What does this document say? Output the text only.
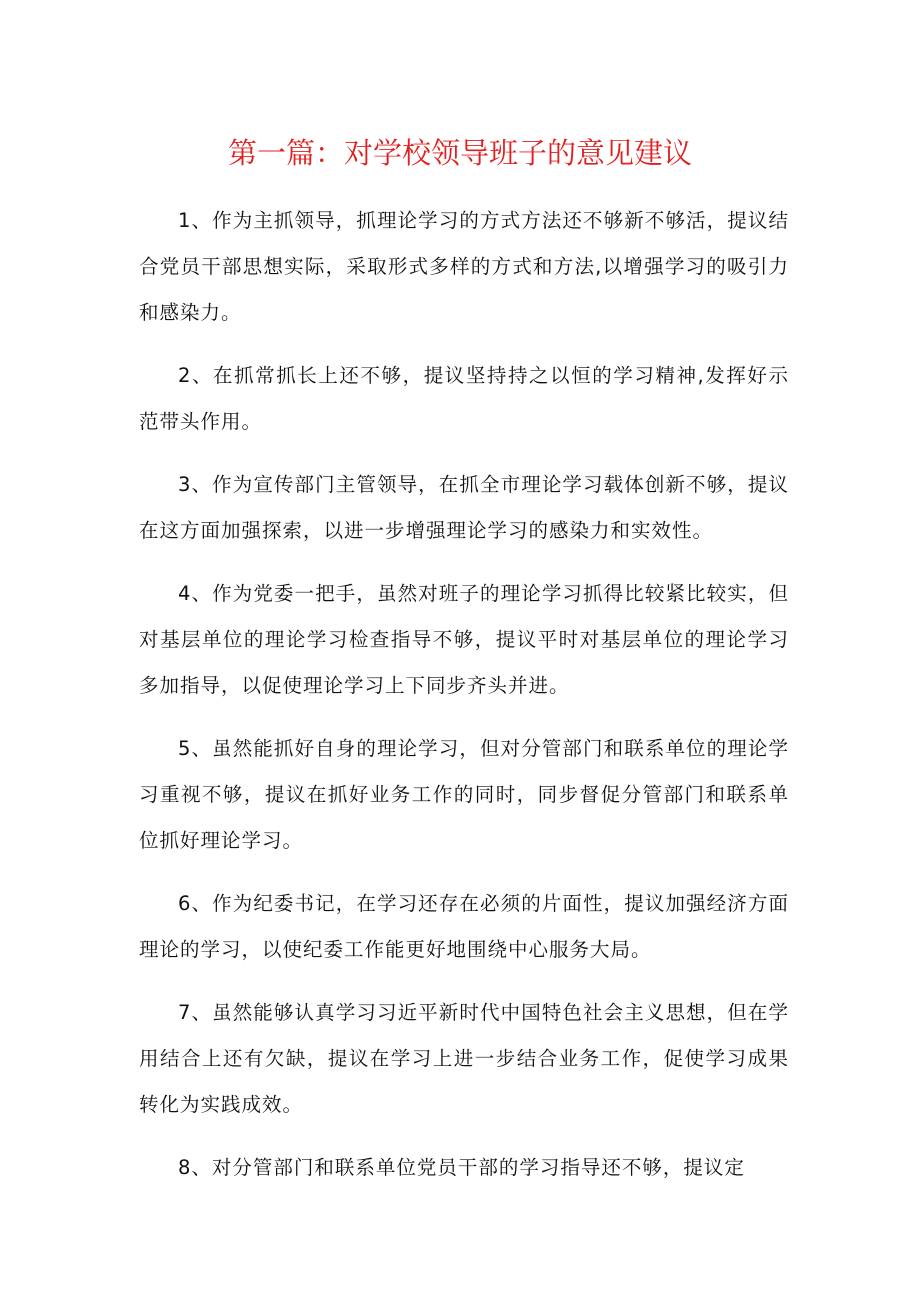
第一篇：对学校领导班子的意见建议

1、作为主抓领导，抓理论学习的方式方法还不够新不够活，提议结合党员干部思想实际，采取形式多样的方式和方法,以增强学习的吸引力和感染力。

2、在抓常抓长上还不够，提议坚持持之以恒的学习精神,发挥好示范带头作用。

3、作为宣传部门主管领导，在抓全市理论学习载体创新不够，提议在这方面加强探索，以进一步增强理论学习的感染力和实效性。

4、作为党委一把手，虽然对班子的理论学习抓得比较紧比较实，但对基层单位的理论学习检查指导不够，提议平时对基层单位的理论学习多加指导，以促使理论学习上下同步齐头并进。

5、虽然能抓好自身的理论学习，但对分管部门和联系单位的理论学习重视不够，提议在抓好业务工作的同时，同步督促分管部门和联系单位抓好理论学习。

6、作为纪委书记，在学习还存在必须的片面性，提议加强经济方面理论的学习，以使纪委工作能更好地围绕中心服务大局。

7、虽然能够认真学习习近平新时代中国特色社会主义思想，但在学用结合上还有欠缺，提议在学习上进一步结合业务工作，促使学习成果转化为实践成效。

8、对分管部门和联系单位党员干部的学习指导还不够，提议定
